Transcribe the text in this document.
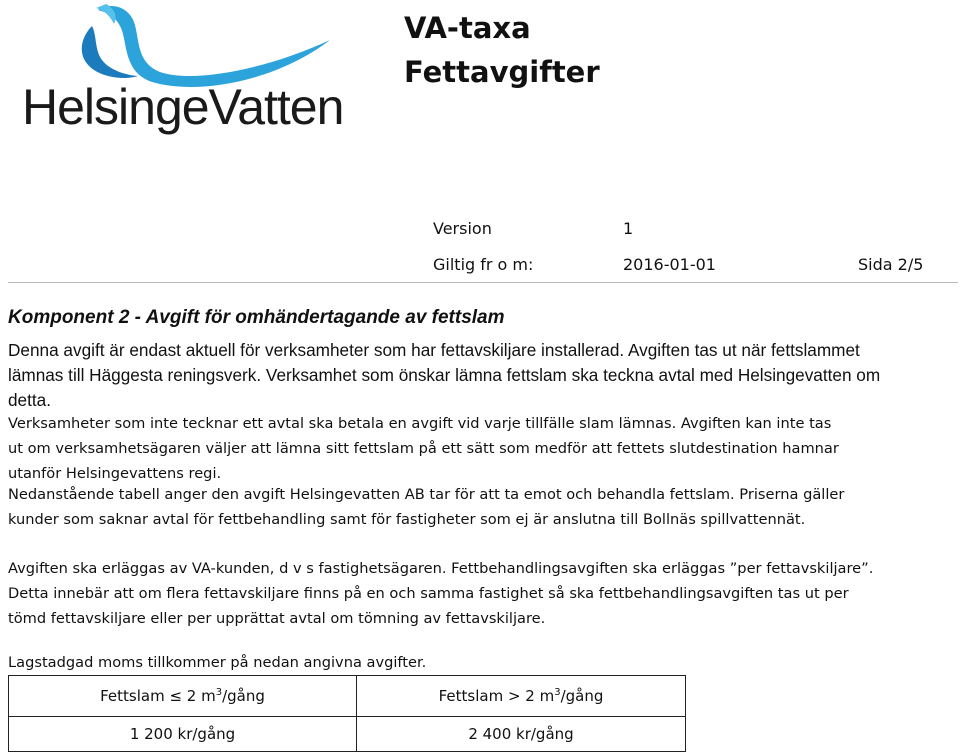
HelsingeVatten
VA-taxa
Fettavgifter
Version	1
Giltig fr o m:	2016-01-01	Sida 2/5
Komponent 2 - Avgift för omhändertagande av fettslam

Denna avgift är endast aktuell för verksamheter som har fettavskiljare installerad. Avgiften tas ut när fettslammet
lämnas till Häggesta reningsverk. Verksamhet som önskar lämna fettslam ska teckna avtal med Helsingevatten om
detta.

Verksamheter som inte tecknar ett avtal ska betala en avgift vid varje tillfälle slam lämnas. Avgiften kan inte tas
ut om verksamhetsägaren väljer att lämna sitt fettslam på ett sätt som medför att fettets slutdestination hamnar
utanför Helsingevattens regi.

Nedanstående tabell anger den avgift Helsingevatten AB tar för att ta emot och behandla fettslam. Priserna gäller
kunder som saknar avtal för fettbehandling samt för fastigheter som ej är anslutna till Bollnäs spillvattennät.

Avgiften ska erläggas av VA-kunden, d v s fastighetsägaren. Fettbehandlingsavgiften ska erläggas ”per fettavskiljare”.
Detta innebär att om flera fettavskiljare finns på en och samma fastighet så ska fettbehandlingsavgiften tas ut per
tömd fettavskiljare eller per upprättat avtal om tömning av fettavskiljare.

Lagstadgad moms tillkommer på nedan angivna avgifter.

Fettslam ≤ 2 $m^3$/gång	Fettslam > 2 $m^3$/gång
1 200 kr/gång	2 400 kr/gång
